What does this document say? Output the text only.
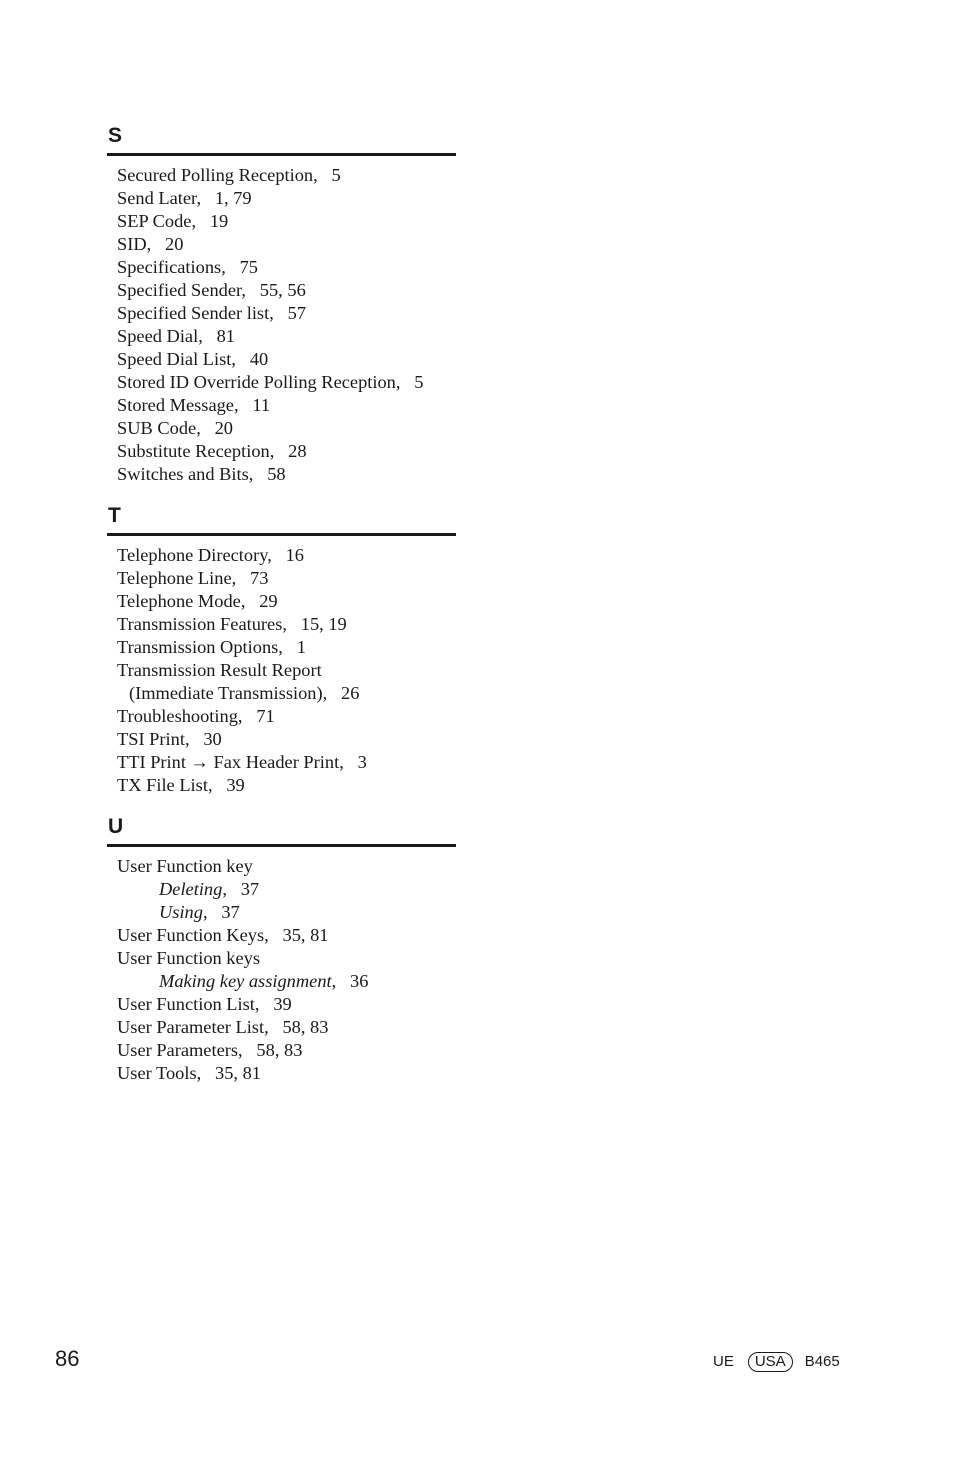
S
Secured Polling Reception,   5
Send Later,   1, 79
SEP Code,   19
SID,   20
Specifications,   75
Specified Sender,   55, 56
Specified Sender list,   57
Speed Dial,   81
Speed Dial List,   40
Stored ID Override Polling Reception,   5
Stored Message,   11
SUB Code,   20
Substitute Reception,   28
Switches and Bits,   58
T
Telephone Directory,   16
Telephone Line,   73
Telephone Mode,   29
Transmission Features,   15, 19
Transmission Options,   1
Transmission Result Report
(Immediate Transmission),   26
Troubleshooting,   71
TSI Print,   30
TTI Print → Fax Header Print,   3
TX File List,   39
U
User Function key
Deleting,   37
Using,   37
User Function Keys,   35, 81
User Function keys
Making key assignment,   36
User Function List,   39
User Parameter List,   58, 83
User Parameters,   58, 83
User Tools,   35, 81
86	UE	USA	B465
